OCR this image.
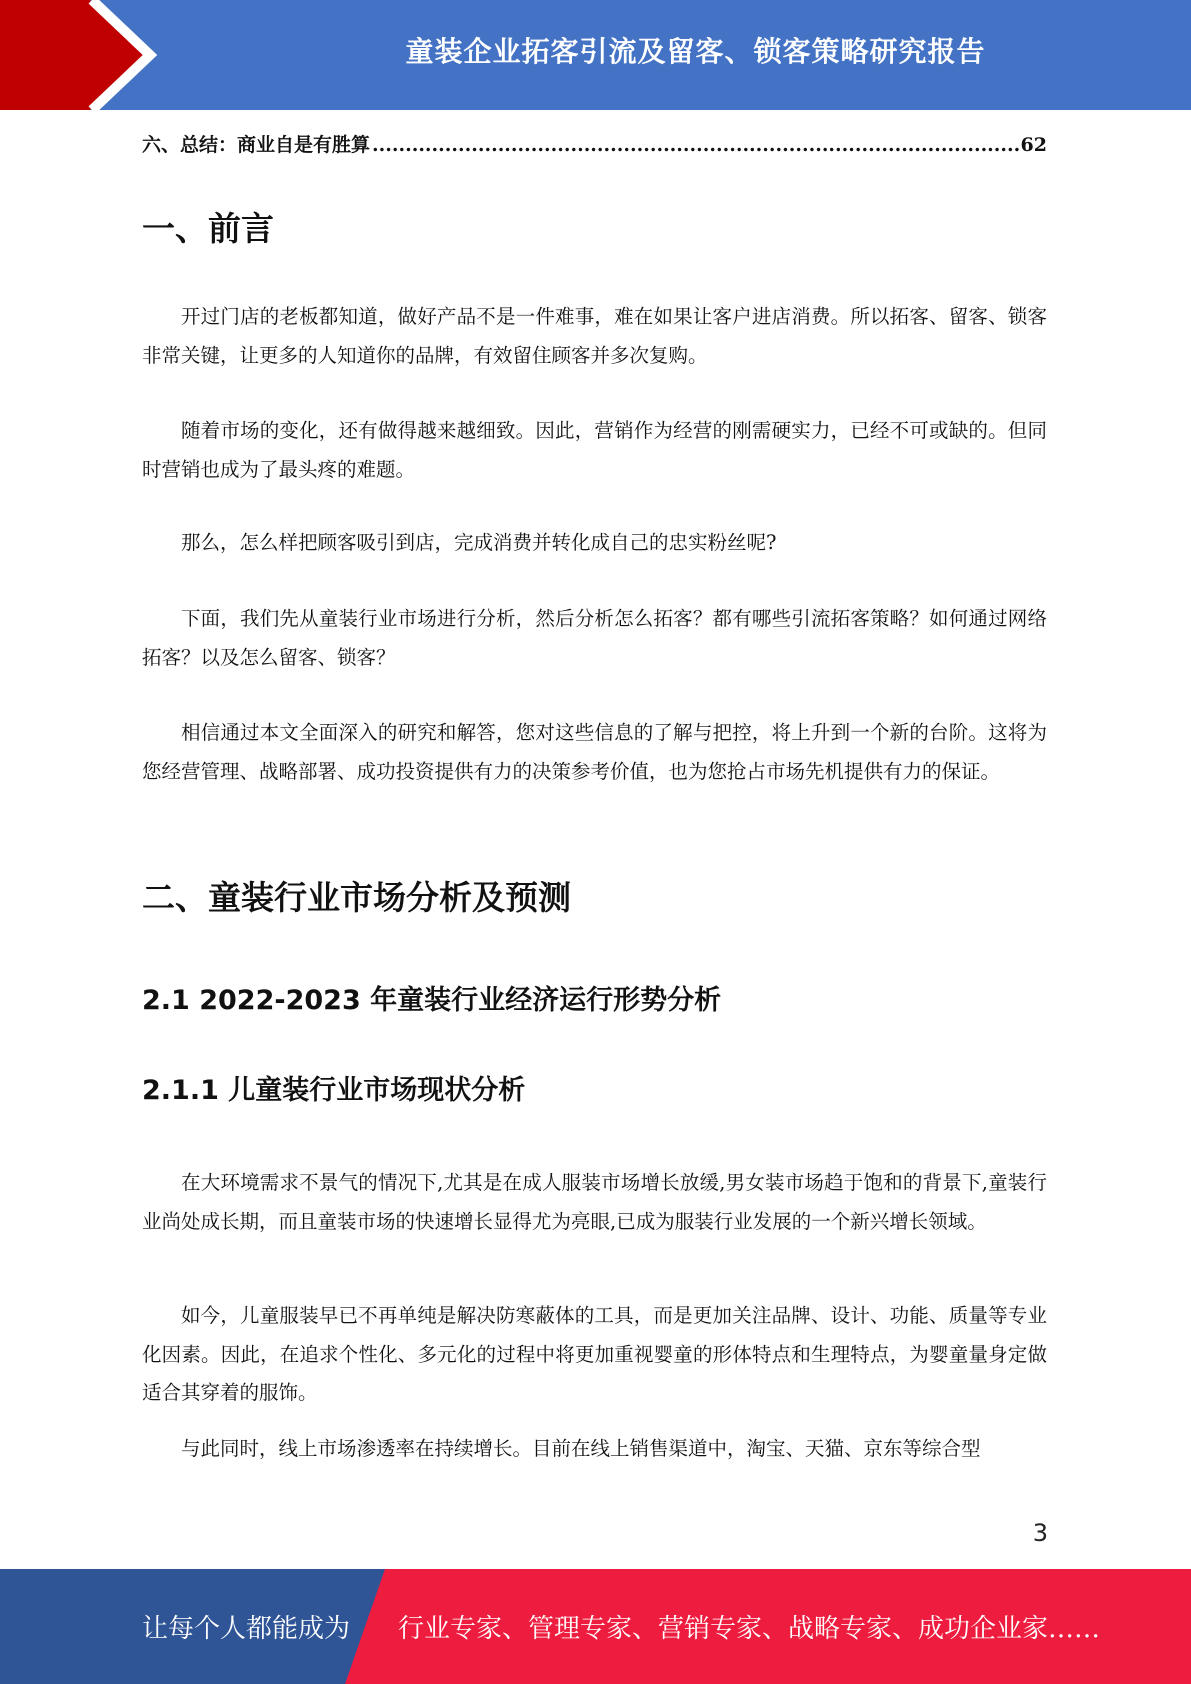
童装企业拓客引流及留客、锁客策略研究报告
六、总结：商业自是有胜算
.....	62
一、前言

开过门店的老板都知道，做好产品不是一件难事，难在如果让客户进店消费。所以拓客、留客、锁客非常关键，让更多的人知道你的品牌，有效留住顾客并多次复购。

随着市场的变化，还有做得越来越细致。因此，营销作为经营的刚需硬实力，已经不可或缺的。但同时营销也成为了最头疼的难题。

那么，怎么样把顾客吸引到店，完成消费并转化成自己的忠实粉丝呢?

下面，我们先从童装行业市场进行分析，然后分析怎么拓客？都有哪些引流拓客策略？如何通过网络拓客？以及怎么留客、锁客？

相信通过本文全面深入的研究和解答，您对这些信息的了解与把控，将上升到一个新的台阶。这将为您经营管理、战略部署、成功投资提供有力的决策参考价值，也为您抢占市场先机提供有力的保证。

二、童装行业市场分析及预测
2.1 2022-2023 年童装行业经济运行形势分析
2.1.1 儿童装行业市场现状分析

在大环境需求不景气的情况下,尤其是在成人服装市场增长放缓,男女装市场趋于饱和的背景下,童装行业尚处成长期，而且童装市场的快速增长显得尤为亮眼,已成为服装行业发展的一个新兴增长领域。

如今，儿童服装早已不再单纯是解决防寒蔽体的工具，而是更加关注品牌、设计、功能、质量等专业化因素。因此，在追求个性化、多元化的过程中将更加重视婴童的形体特点和生理特点，为婴童量身定做适合其穿着的服饰。

与此同时，线上市场渗透率在持续增长。目前在线上销售渠道中，淘宝、天猫、京东等综合型

3
让每个人都能成为 行业专家、管理专家、营销专家、战略专家、成功企业家……
